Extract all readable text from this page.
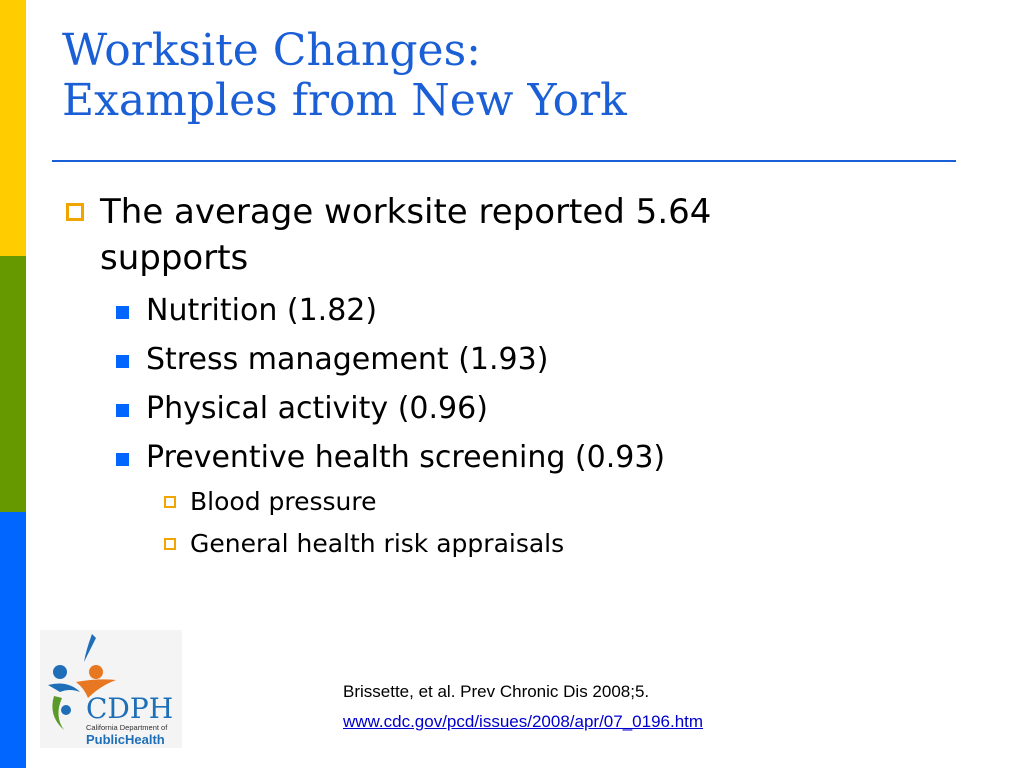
Worksite Changes:
Examples from New York
The average worksite reported 5.64
supports
Nutrition (1.82)
Stress management (1.93)
Physical activity (0.96)
Preventive health screening (0.93)
Blood pressure
General health risk appraisals
CDPH
California Department of
PublicHealth
Brissette, et al. Prev Chronic Dis 2008;5.
www.cdc.gov/pcd/issues/2008/apr/07_0196.htm
